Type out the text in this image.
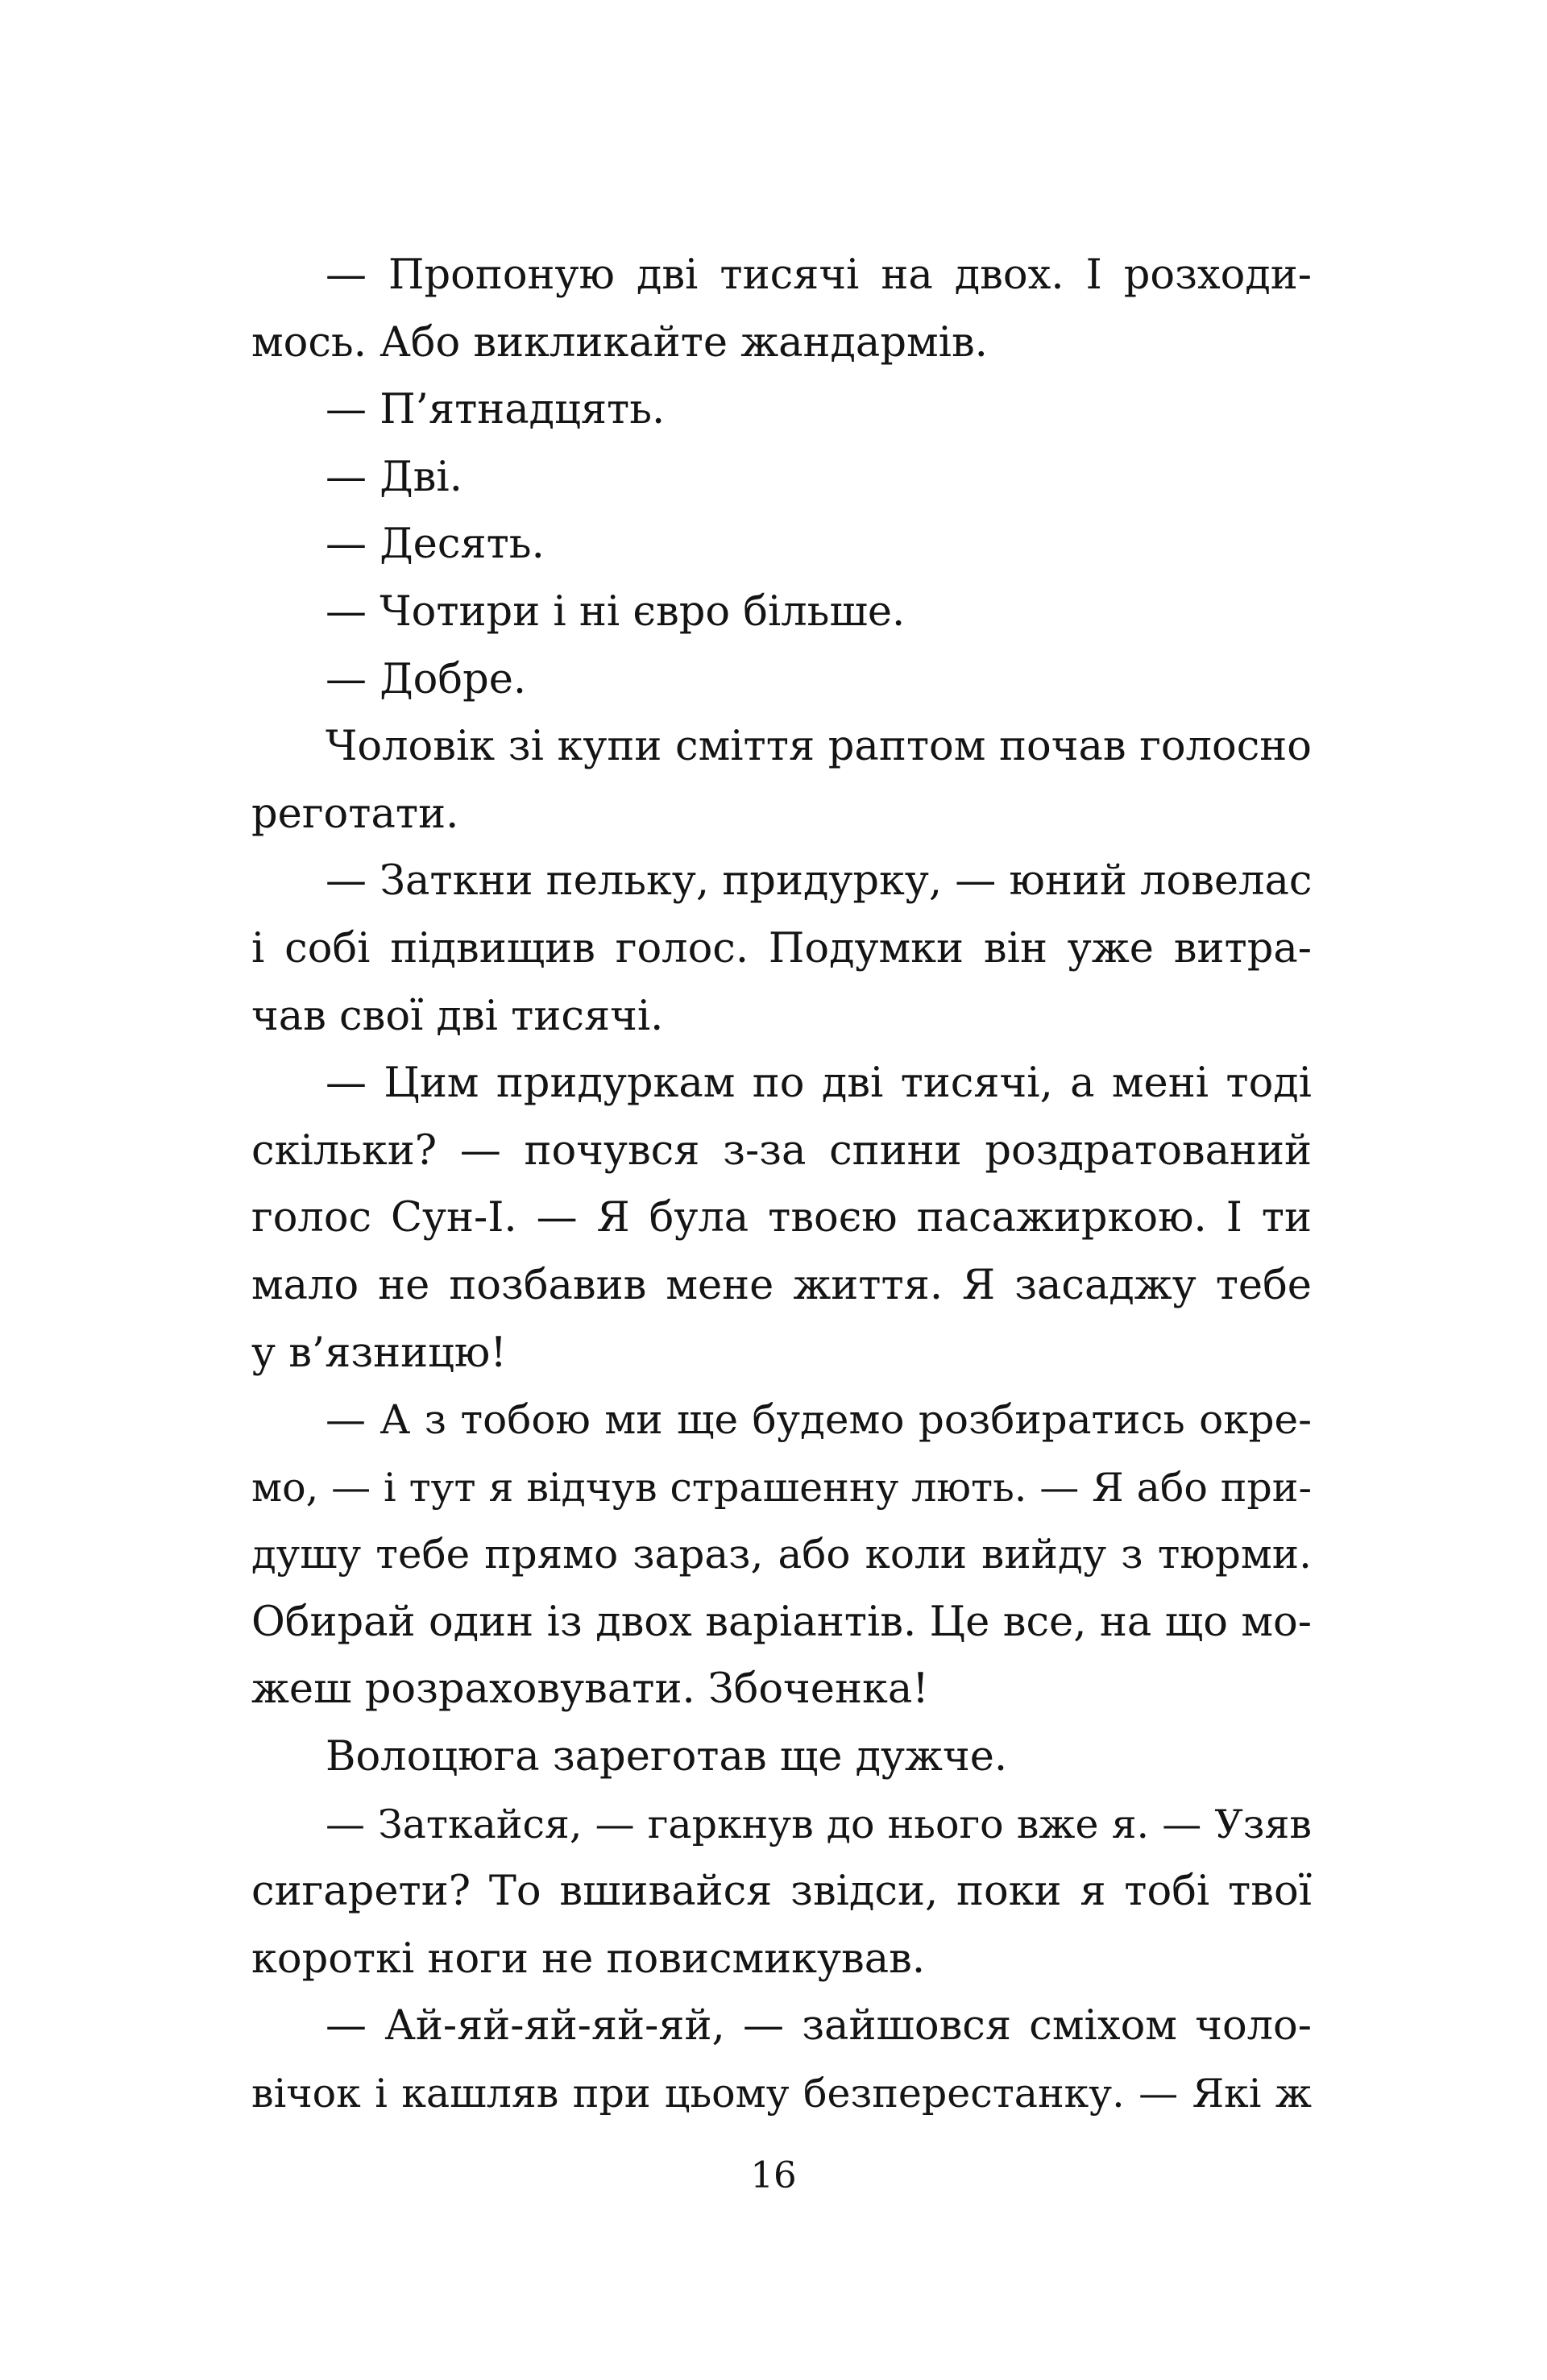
— Пропоную дві тисячі на двох. І розходи-
мось. Або викликайте жандармів.
— П’ятнадцять.
— Дві.
— Десять.
— Чотири і ні євро більше.
— Добре.
Чоловік зі купи сміття раптом почав голосно
реготати.
— Заткни пельку, придурку, — юний ловелас
і собі підвищив голос. Подумки він уже витра-
чав свої дві тисячі.
— Цим придуркам по дві тисячі, а мені тоді
скільки? — почувся з-за спини роздратований
голос Сун-І. — Я була твоєю пасажиркою. І ти
мало не позбавив мене життя. Я засаджу тебе
у в’язницю!
— А з тобою ми ще будемо розбиратись окре-
мо, — і тут я відчув страшенну лють. — Я або при-
душу тебе прямо зараз, або коли вийду з тюрми.
Обирай один із двох варіантів. Це все, на що мо-
жеш розраховувати. Збоченка!
Волоцюга зареготав ще дужче.
— Заткайся, — гаркнув до нього вже я. — Узяв
сигарети? То вшивайся звідси, поки я тобі твої
короткі ноги не повисмикував.
— Ай-яй-яй-яй-яй, — зайшовся сміхом чоло-
вічок і кашляв при цьому безперестанку. — Які ж
16
